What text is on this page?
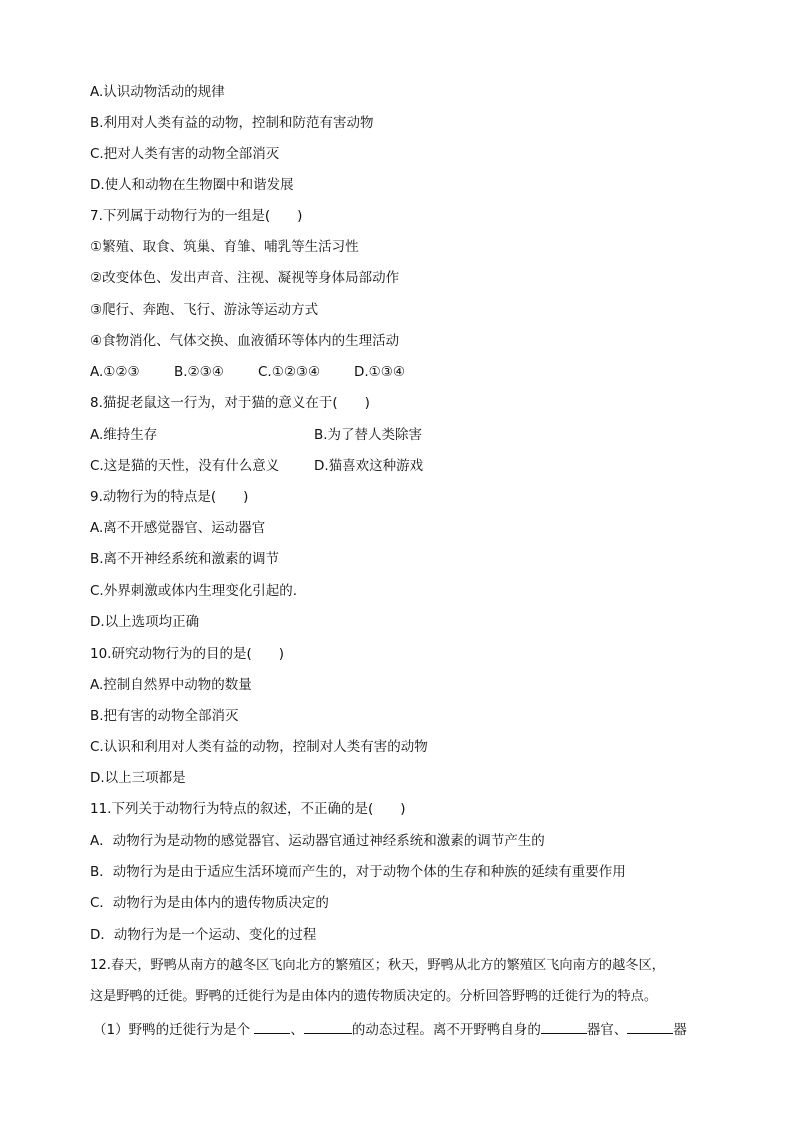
A.认识动物活动的规律
B.利用对人类有益的动物，控制和防范有害动物
C.把对人类有害的动物全部消灭
D.使人和动物在生物圈中和谐发展
7.下列属于动物行为的一组是(　　)
①繁殖、取食、筑巢、育雏、哺乳等生活习性
②改变体色、发出声音、注视、凝视等身体局部动作
③爬行、奔跑、飞行、游泳等运动方式
④食物消化、气体交换、血液循环等体内的生理活动
A.①②③	B.②③④	C.①②③④	D.①③④
8.猫捉老鼠这一行为，对于猫的意义在于(　　)
A.维持生存	B.为了替人类除害
C.这是猫的天性，没有什么意义	D.猫喜欢这种游戏
9.动物行为的特点是(　　)
A.离不开感觉器官、运动器官
B.离不开神经系统和激素的调节
C.外界刺激或体内生理变化引起的.
D.以上选项均正确
10.研究动物行为的目的是(　　)
A.控制自然界中动物的数量
B.把有害的动物全部消灭
C.认识和利用对人类有益的动物，控制对人类有害的动物
D.以上三项都是
11.下列关于动物行为特点的叙述，不正确的是(　　)
A．动物行为是动物的感觉器官、运动器官通过神经系统和激素的调节产生的
B．动物行为是由于适应生活环境而产生的，对于动物个体的生存和种族的延续有重要作用
C．动物行为是由体内的遗传物质决定的
D．动物行为是一个运动、变化的过程
12.春天，野鸭从南方的越冬区飞向北方的繁殖区；秋天，野鸭从北方的繁殖区飞向南方的越冬区，
这是野鸭的迁徙。野鸭的迁徙行为是由体内的遗传物质决定的。分析回答野鸭的迁徙行为的特点。
（1）野鸭的迁徙行为是个	、	的动态过程。离不开野鸭自身的	器官、	器
